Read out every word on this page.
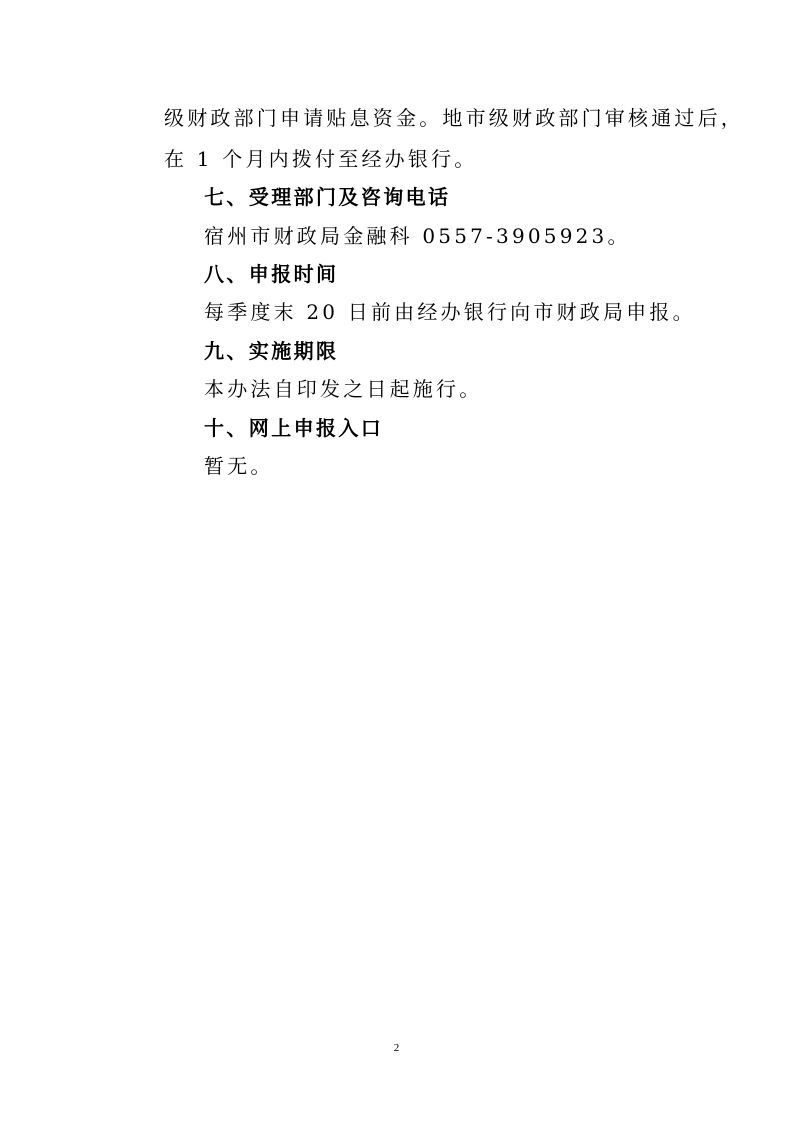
级财政部门申请贴息资金。地市级财政部门审核通过后，
在 1 个月内拨付至经办银行。
七、受理部门及咨询电话
宿州市财政局金融科 0557-3905923。
八、申报时间
每季度末 20 日前由经办银行向市财政局申报。
九、实施期限
本办法自印发之日起施行。
十、网上申报入口
暂无。
2
